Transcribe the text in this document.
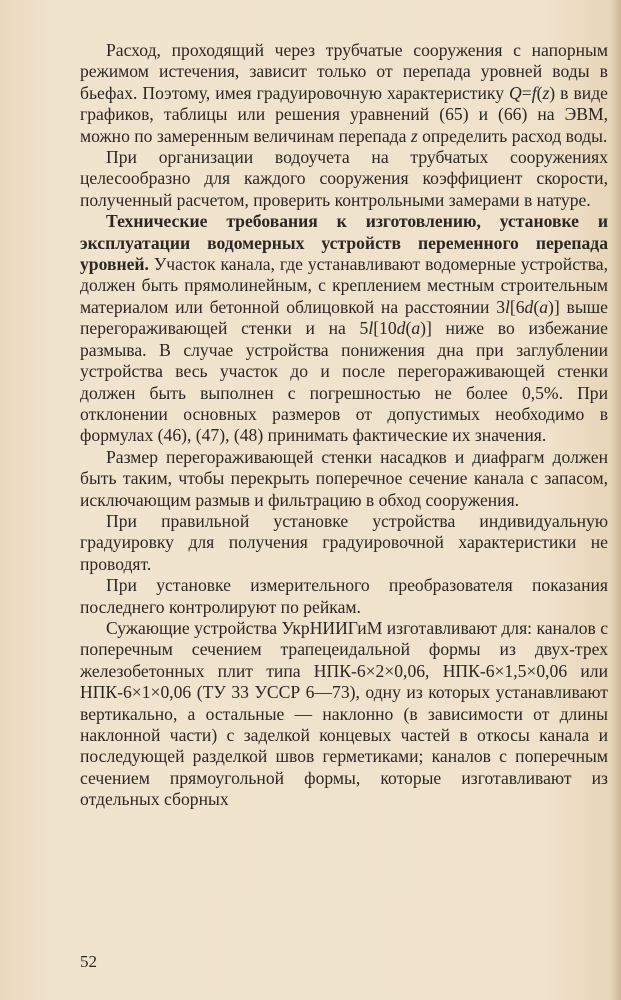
Расход, проходящий через трубчатые сооружения с напорным режимом истечения, зависит только от перепада уровней воды в бьефах. Поэтому, имея градуировочную характеристику Q=f(z) в виде графиков, таблицы или решения уравнений (65) и (66) на ЭВМ, можно по замеренным величинам перепада z определить расход воды.

При организации водоучета на трубчатых сооружениях целесообразно для каждого сооружения коэффициент скорости, полученный расчетом, проверить контрольными замерами в натуре.

Технические требования к изготовлению, установке и эксплуатации водомерных устройств переменного перепада уровней. Участок канала, где устанавливают водомерные устройства, должен быть прямолинейным, с креплением местным строительным материалом или бетонной облицовкой на расстоянии 3l[6d(a)] выше перегораживающей стенки и на 5l[10d(a)] ниже во избежание размыва. В случае устройства понижения дна при заглублении устройства весь участок до и после перегораживающей стенки должен быть выполнен с погрешностью не более 0,5%. При отклонении основных размеров от допустимых необходимо в формулах (46), (47), (48) принимать фактические их значения.

Размер перегораживающей стенки насадков и диафрагм должен быть таким, чтобы перекрыть поперечное сечение канала с запасом, исключающим размыв и фильтрацию в обход сооружения.

При правильной установке устройства индивидуальную градуировку для получения градуировочной характеристики не проводят.

При установке измерительного преобразователя показания последнего контролируют по рейкам.

Сужающие устройства УкрНИИГиМ изготавливают для: каналов с поперечным сечением трапецеидальной формы из двух-трех железобетонных плит типа НПК-6×2×0,06, НПК-6×1,5×0,06 или НПК-6×1×0,06 (ТУ 33 УССР 6—73), одну из которых устанавливают вертикально, а остальные — наклонно (в зависимости от длины наклонной части) с заделкой концевых частей в откосы канала и последующей разделкой швов герметиками; каналов с поперечным сечением прямоугольной формы, которые изготавливают из отдельных сборных

52
